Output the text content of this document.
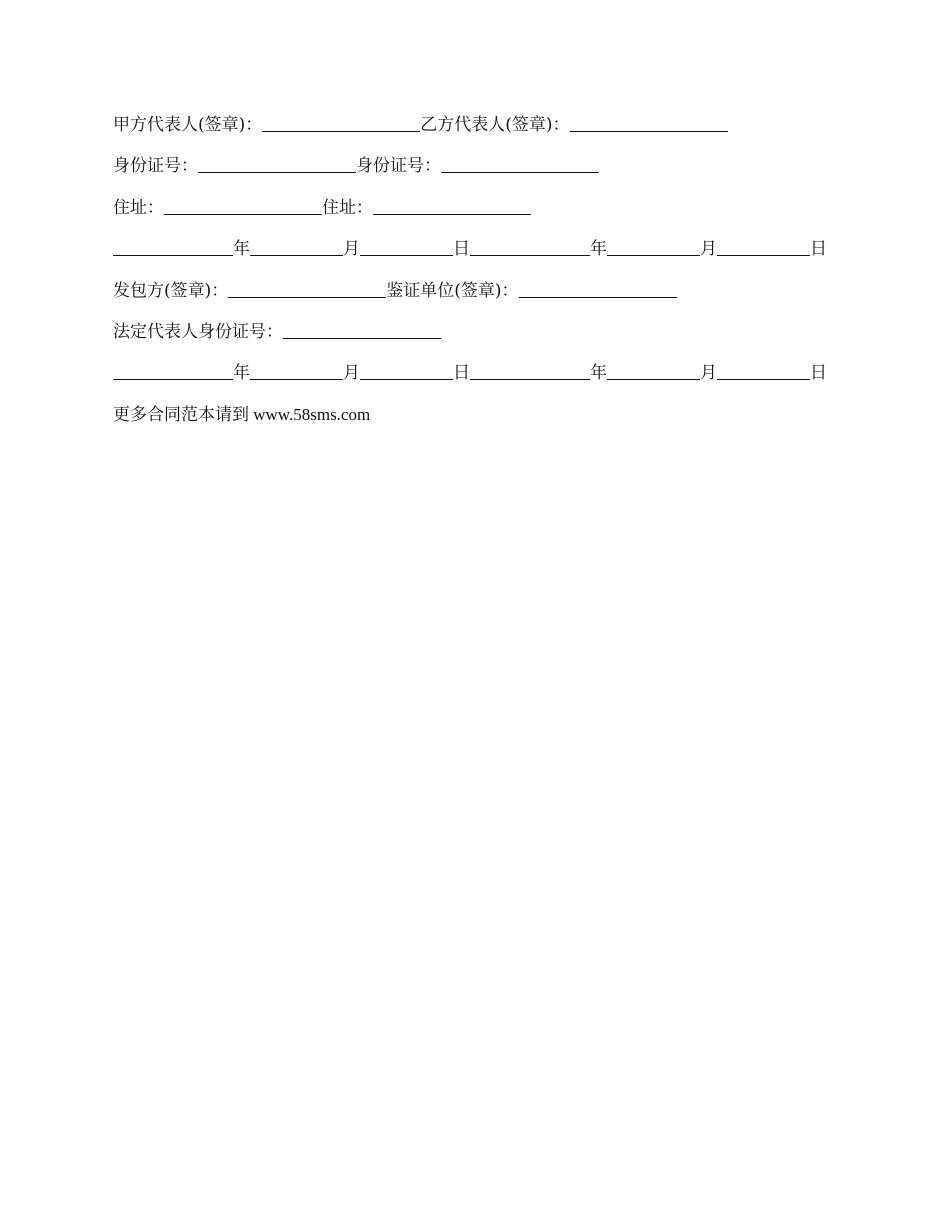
甲方代表人(签章)：	乙方代表人(签章)：
身份证号：	身份证号：
住址：	住址：
年	月	日	年	月	日
发包方(签章)：	鉴证单位(签章)：
法定代表人身份证号：
年	月	日	年	月	日
更多合同范本请到 www.58sms.com
